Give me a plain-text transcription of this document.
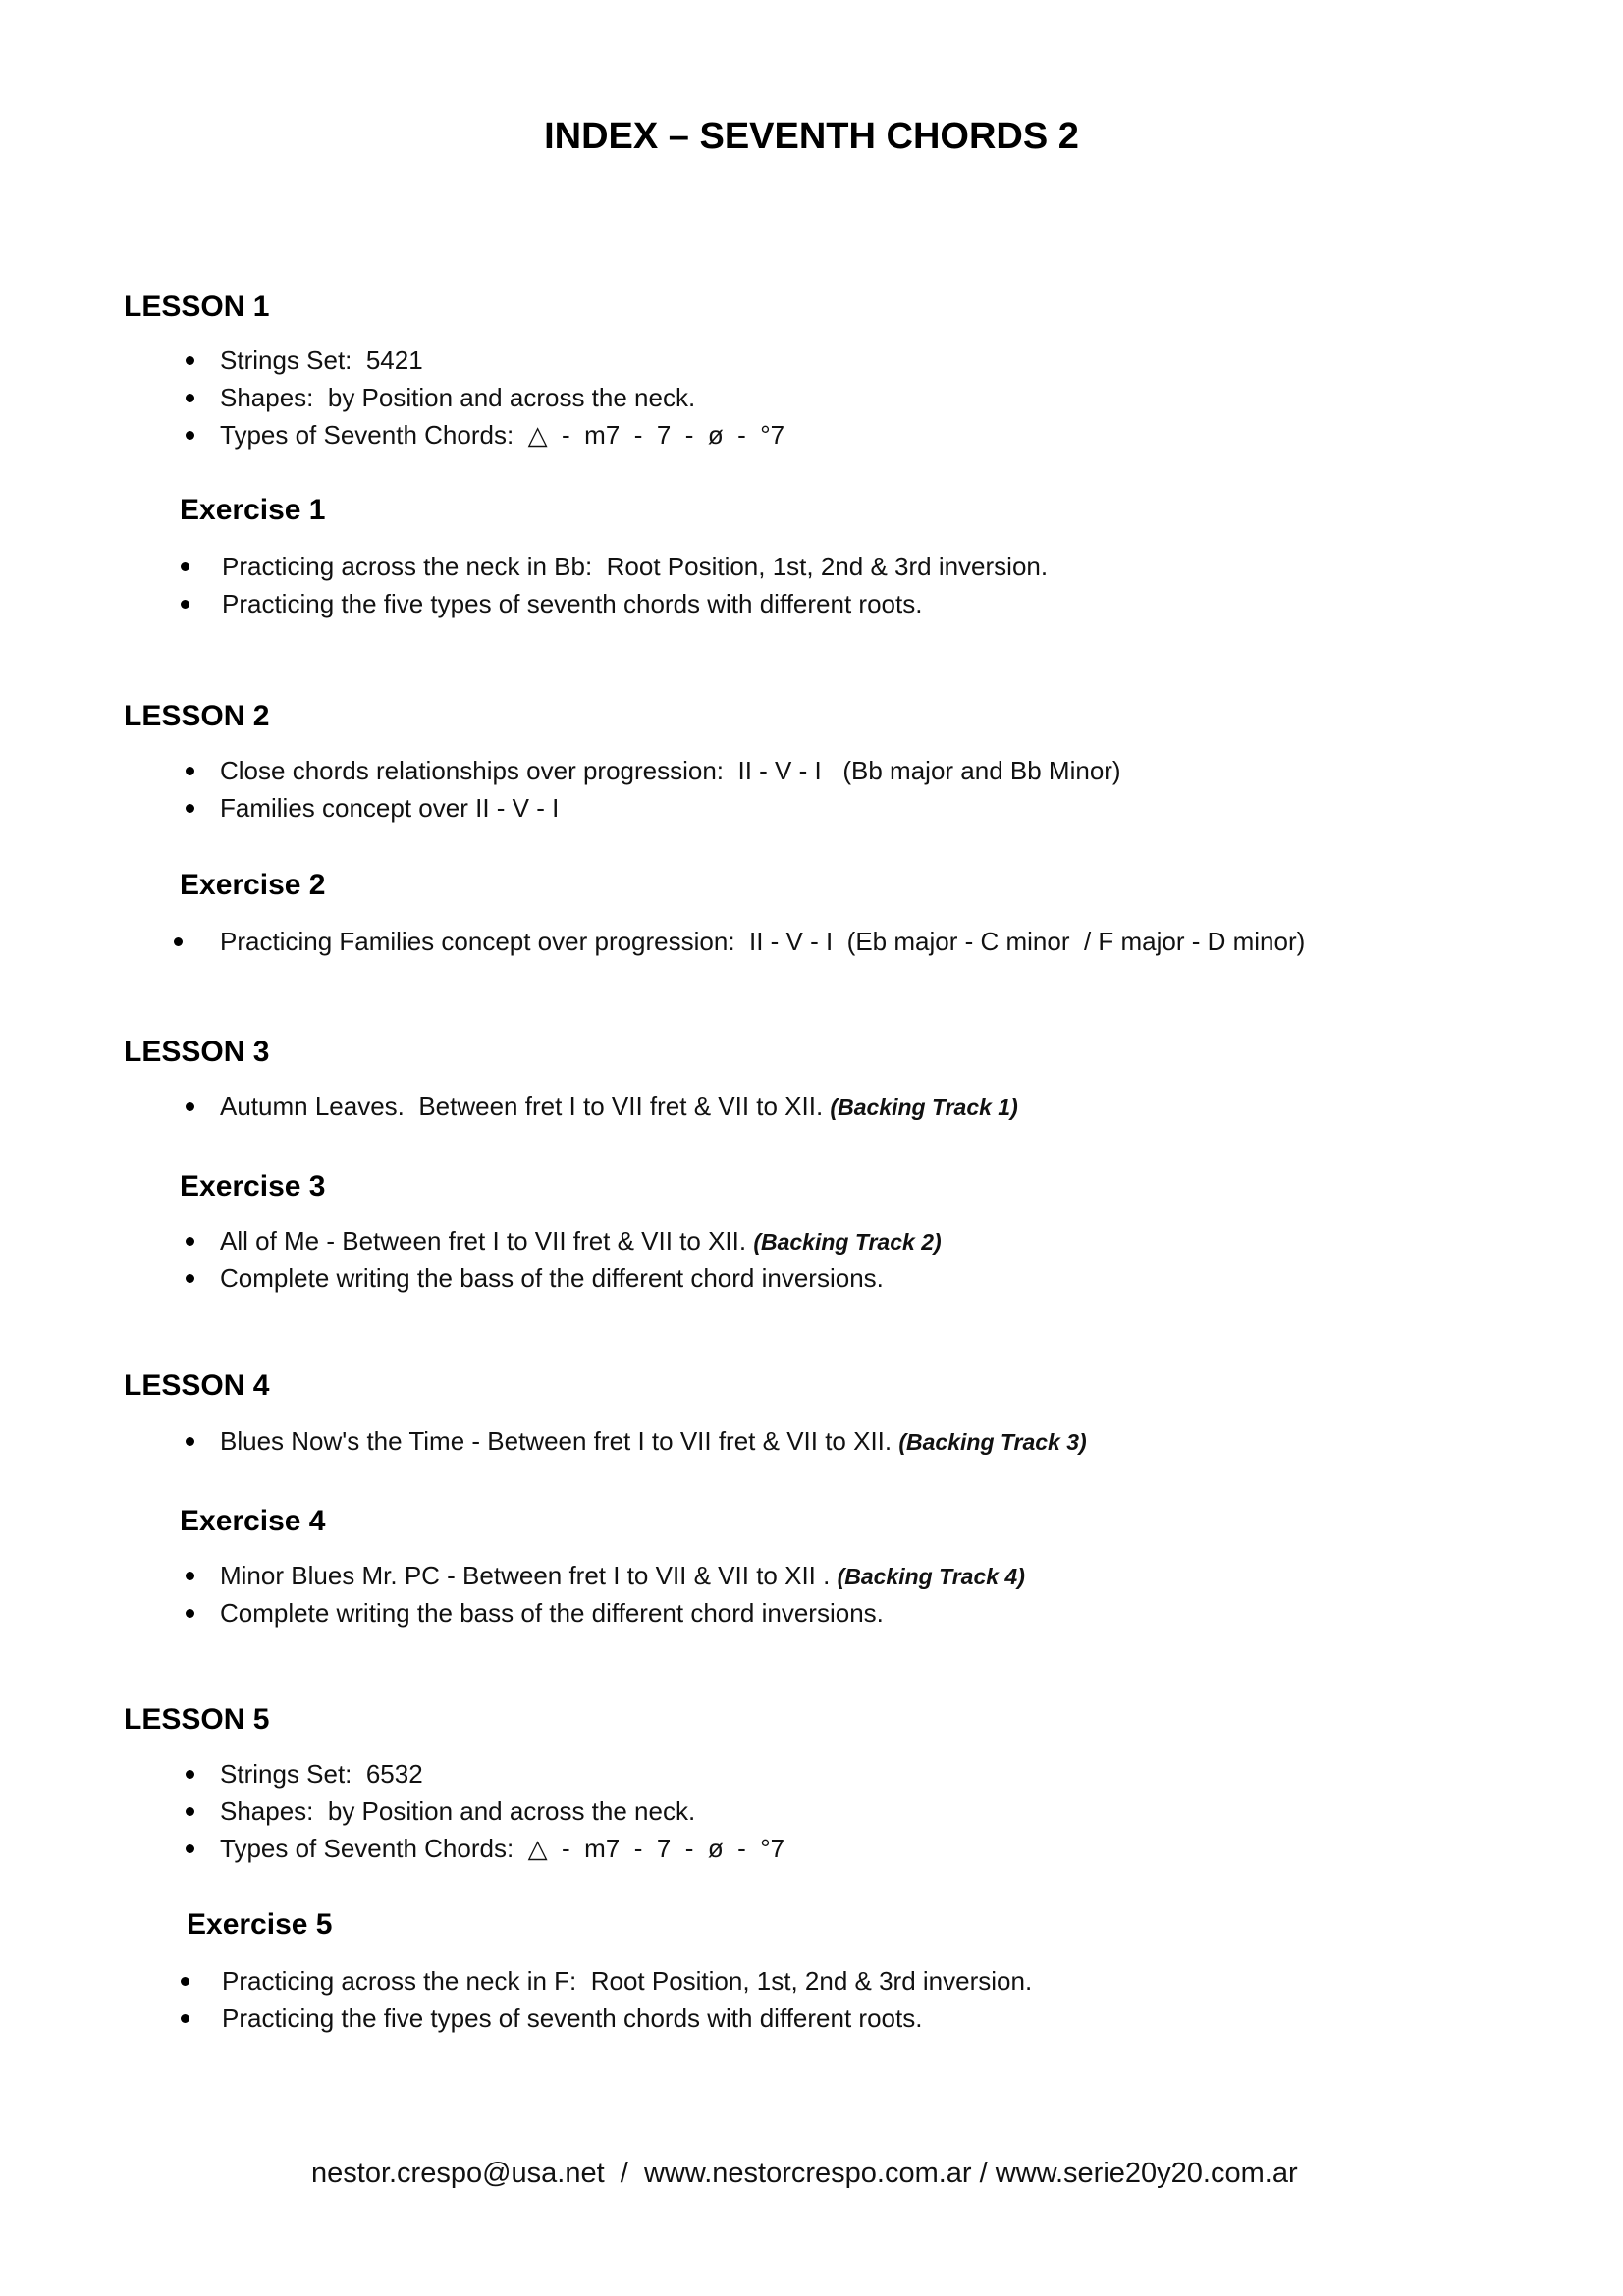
INDEX – SEVENTH CHORDS 2
LESSON 1
Strings Set:  5421
Shapes:  by Position and across the neck.
Types of Seventh Chords:  △  -  m7  -  7  -  ø  -  °7
Exercise 1
Practicing across the neck in Bb:  Root Position, 1st, 2nd & 3rd inversion.
Practicing the five types of seventh chords with different roots.
LESSON 2
Close chords relationships over progression:  II - V - I   (Bb major and Bb Minor)
Families concept over II - V - I
Exercise 2
Practicing Families concept over progression:  II - V - I  (Eb major - C minor  / F major - D minor)
LESSON 3
Autumn Leaves.  Between fret I to VII fret & VII to XII. (Backing Track 1)
Exercise 3
All of Me - Between fret I to VII fret & VII to XII. (Backing Track 2)
Complete writing the bass of the different chord inversions.
LESSON 4
Blues Now's the Time - Between fret I to VII fret & VII to XII. (Backing Track 3)
Exercise 4
Minor Blues Mr. PC - Between fret I to VII & VII to XII . (Backing Track 4)
Complete writing the bass of the different chord inversions.
LESSON 5
Strings Set:  6532
Shapes:  by Position and across the neck.
Types of Seventh Chords:  △  -  m7  -  7  -  ø  -  °7
Exercise 5
Practicing across the neck in F:  Root Position, 1st, 2nd & 3rd inversion.
Practicing the five types of seventh chords with different roots.
nestor.crespo@usa.net  /  www.nestorcrespo.com.ar / www.serie20y20.com.ar
